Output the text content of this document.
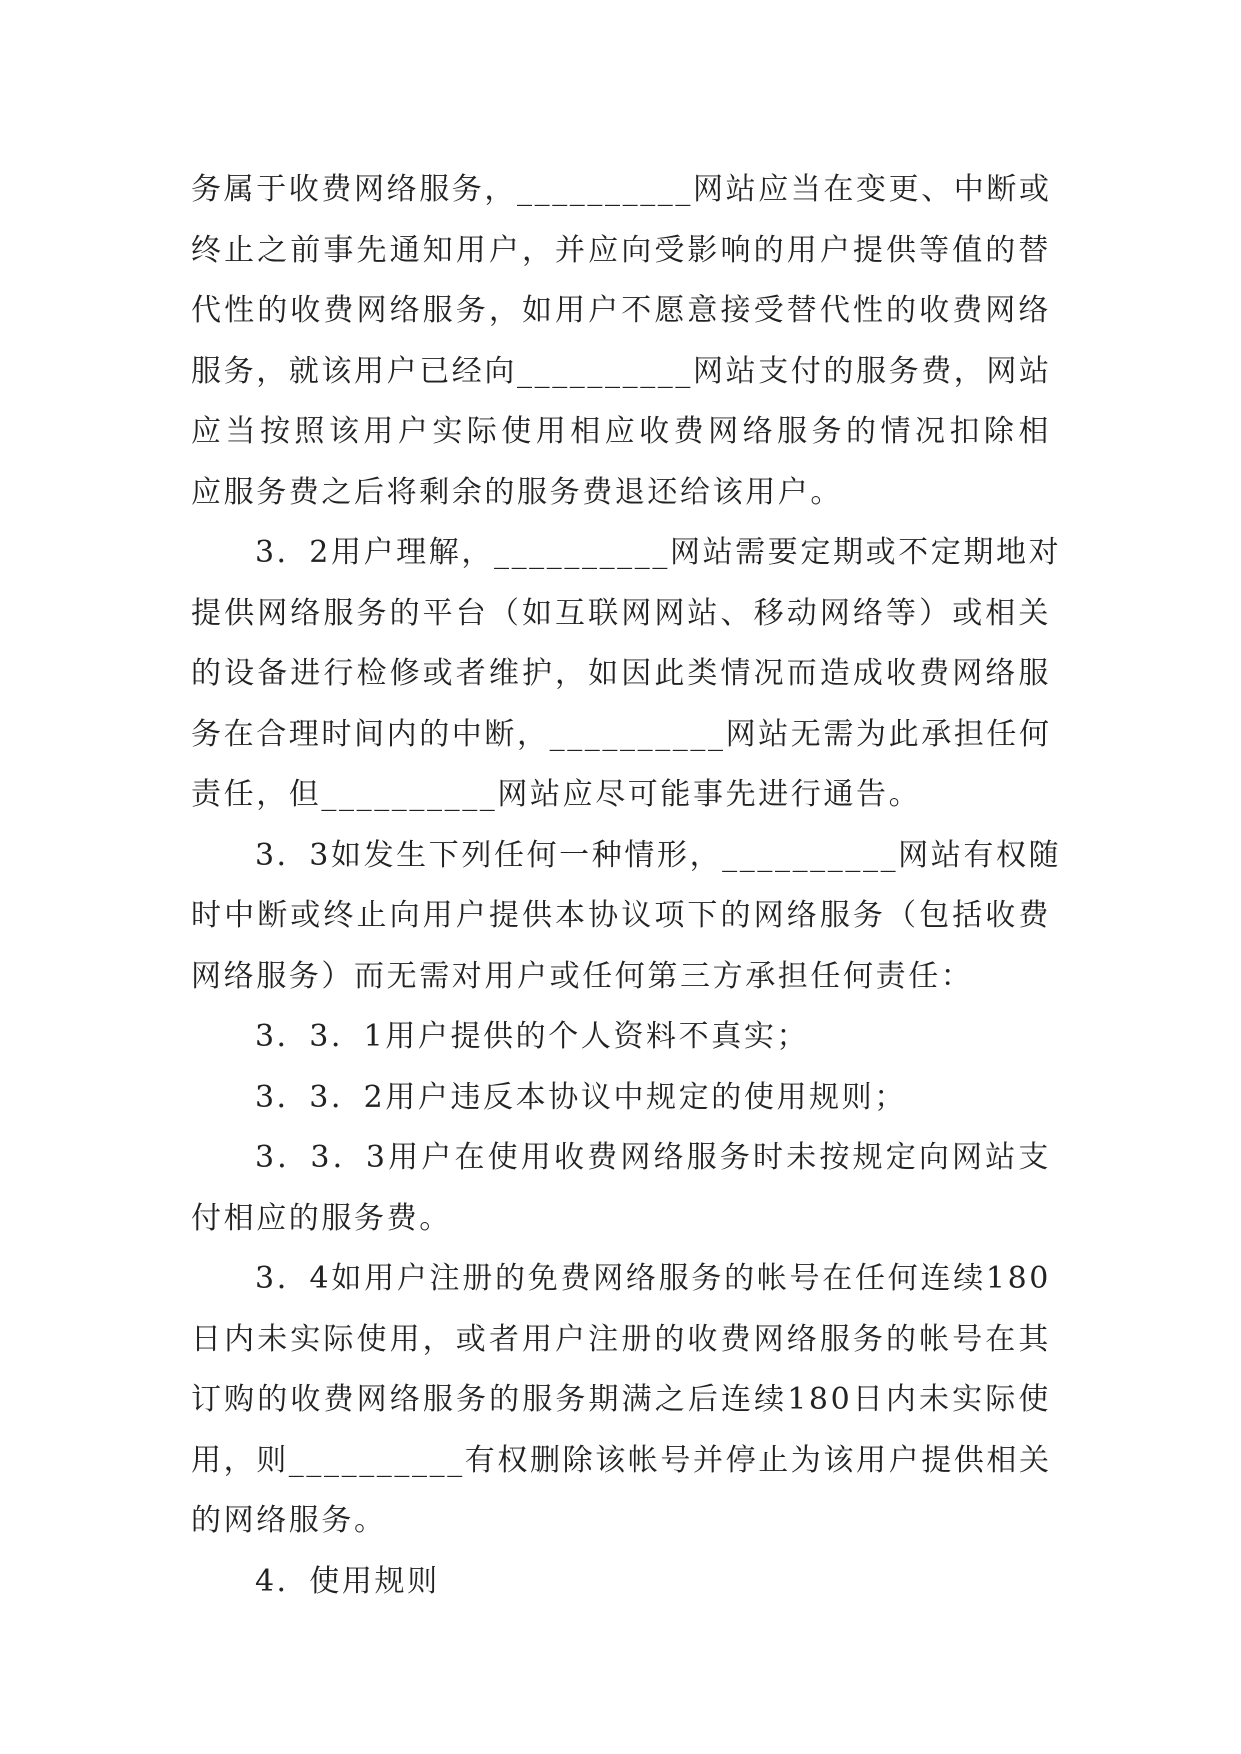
务属于收费网络服务，__________网站应当在变更、中断或
终止之前事先通知用户，并应向受影响的用户提供等值的替
代性的收费网络服务，如用户不愿意接受替代性的收费网络
服务，就该用户已经向__________网站支付的服务费，网站
应当按照该用户实际使用相应收费网络服务的情况扣除相
应服务费之后将剩余的服务费退还给该用户。
3．2用户理解，__________网站需要定期或不定期地对
提供网络服务的平台（如互联网网站、移动网络等）或相关
的设备进行检修或者维护，如因此类情况而造成收费网络服
务在合理时间内的中断，__________网站无需为此承担任何
责任，但__________网站应尽可能事先进行通告。
3．3如发生下列任何一种情形，__________网站有权随
时中断或终止向用户提供本协议项下的网络服务（包括收费
网络服务）而无需对用户或任何第三方承担任何责任：
3．3．1用户提供的个人资料不真实；
3．3．2用户违反本协议中规定的使用规则；
3．3．3用户在使用收费网络服务时未按规定向网站支
付相应的服务费。
3．4如用户注册的免费网络服务的帐号在任何连续180
日内未实际使用，或者用户注册的收费网络服务的帐号在其
订购的收费网络服务的服务期满之后连续180日内未实际使
用，则__________有权删除该帐号并停止为该用户提供相关
的网络服务。
4．使用规则
